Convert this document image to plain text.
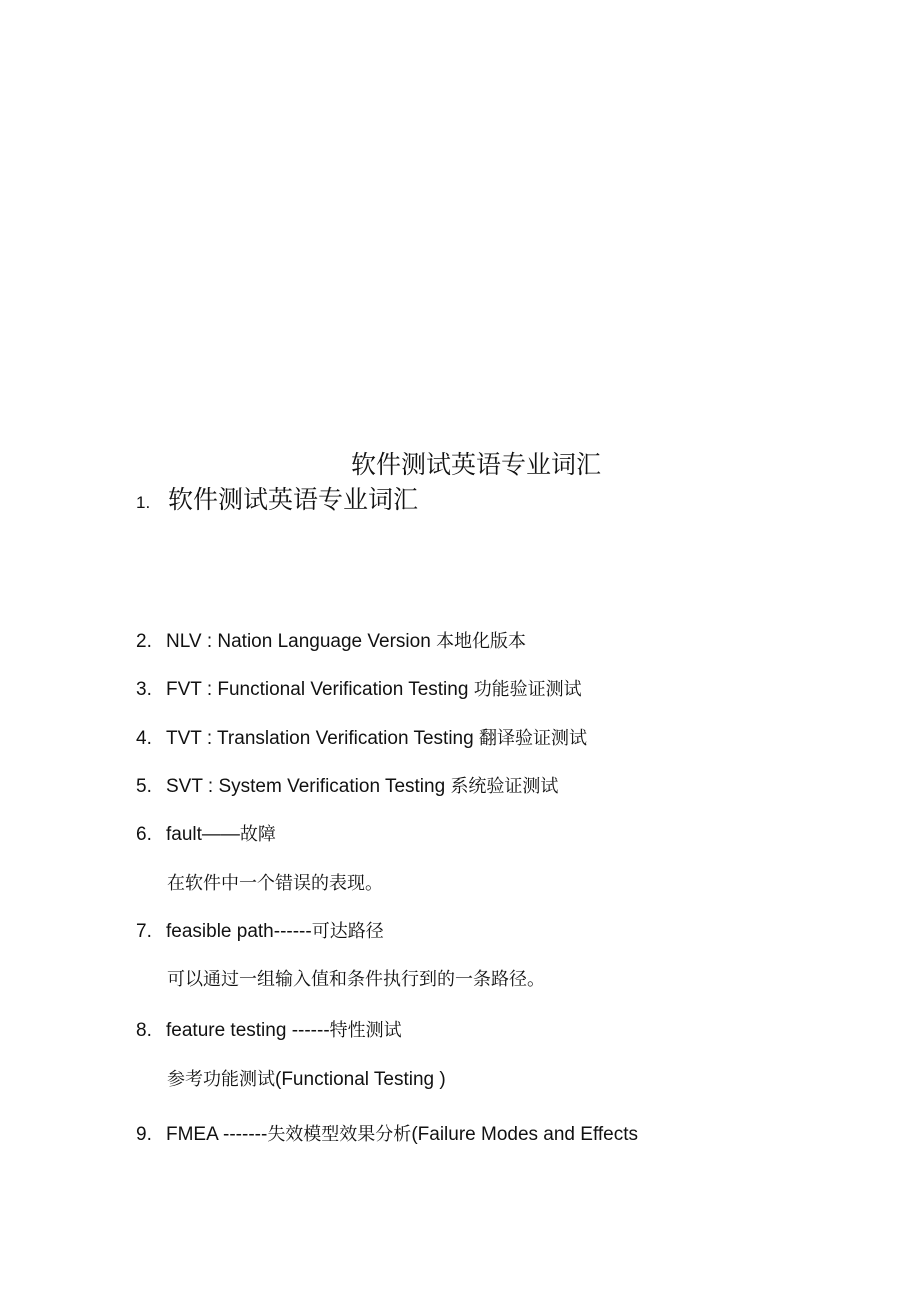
软件测试英语专业词汇
1. 软件测试英语专业词汇
2. NLV : Nation Language Version 本地化版本
3. FVT : Functional Verification Testing 功能验证测试
4. TVT : Translation Verification Testing 翻译验证测试
5. SVT : System Verification Testing 系统验证测试
6. fault——故障
在软件中一个错误的表现。
7. feasible path------可达路径
可以通过一组输入值和条件执行到的一条路径。
8. feature testing ------特性测试
参考功能测试(Functional Testing )
9. FMEA -------失效模型效果分析(Failure Modes and Effects
